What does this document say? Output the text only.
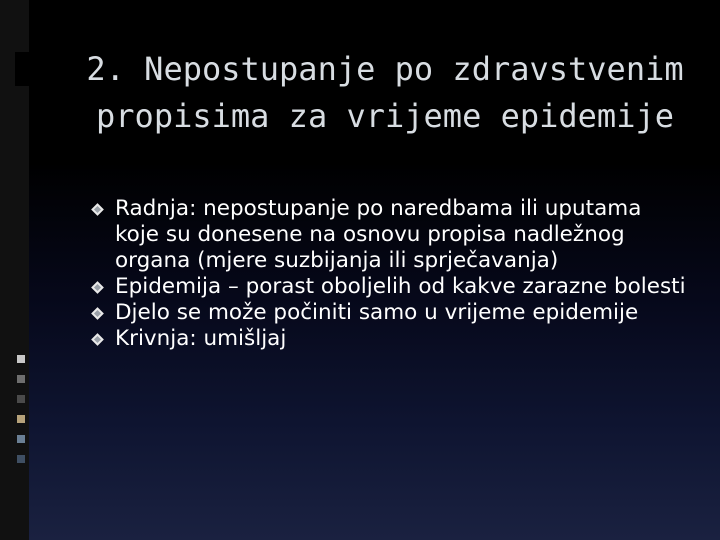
2. Nepostupanje po zdravstvenim propisima za vrijeme epidemije
Radnja: nepostupanje po naredbama ili uputama koje su donesene na osnovu propisa nadležnog organa (mjere suzbijanja ili sprječavanja)
Epidemija – porast oboljelih od kakve zarazne bolesti
Djelo se može počiniti samo u vrijeme epidemije
Krivnja: umišljaj
